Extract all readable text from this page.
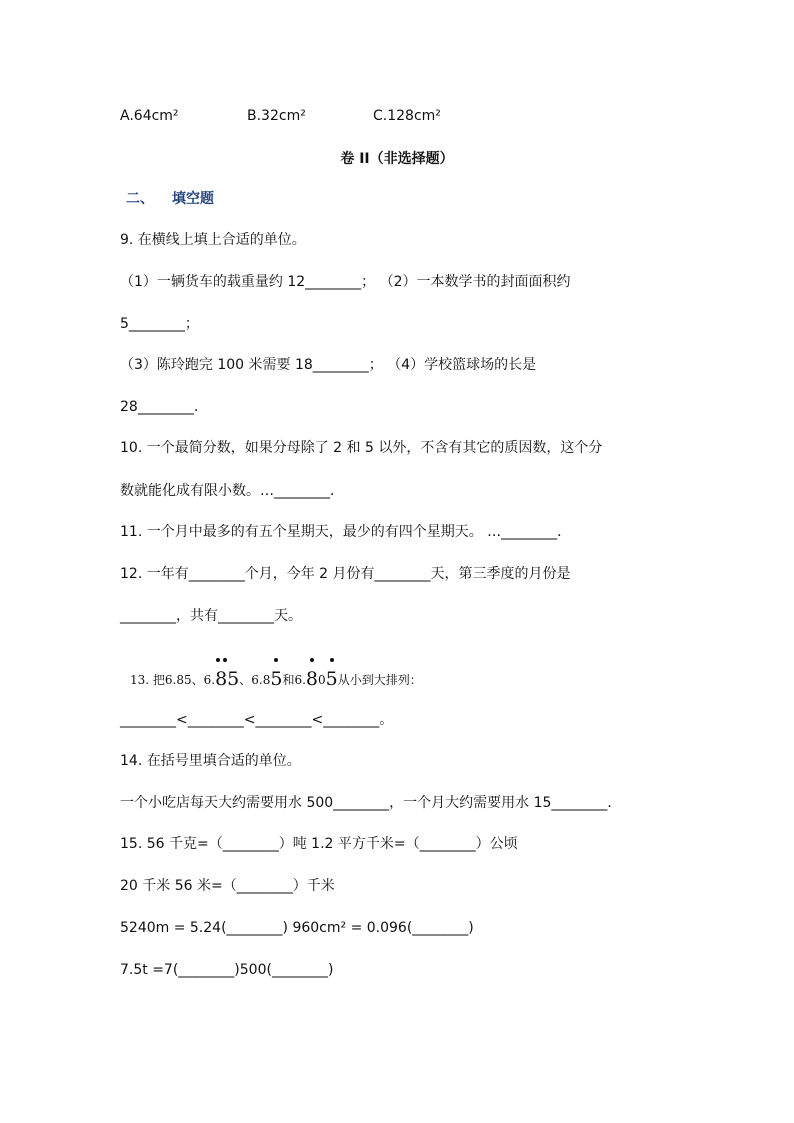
A.64cm²	B.32cm²	C.128cm²
卷 II（非选择题）
二、 填空题
9. 在横线上填上合适的单位。
（1）一辆货车的载重量约 12________； （2）一本数学书的封面面积约
5________；
（3）陈玲跑完 100 米需要 18________； （4）学校篮球场的长是
28________．
10. 一个最简分数，如果分母除了 2 和 5 以外，不含有其它的质因数，这个分
数就能化成有限小数。…________．
11. 一个月中最多的有五个星期天，最少的有四个星期天。 …________．
12. 一年有________个月，今年 2 月份有________天，第三季度的月份是
________，共有________天。
13. 把6.85、6.85
、6.85
和6.8
05
从小到大排列：
________<________<________<________。
14. 在括号里填合适的单位。
一个小吃店每天大约需要用水 500________，一个月大约需要用水 15________．
15. 56 千克=（________）吨 1.2 平方千米=（________）公顷
20 千米 56 米=（________）千米
5240m = 5.24(________) 960cm² = 0.096(________)
7.5t =7(________)500(________)
